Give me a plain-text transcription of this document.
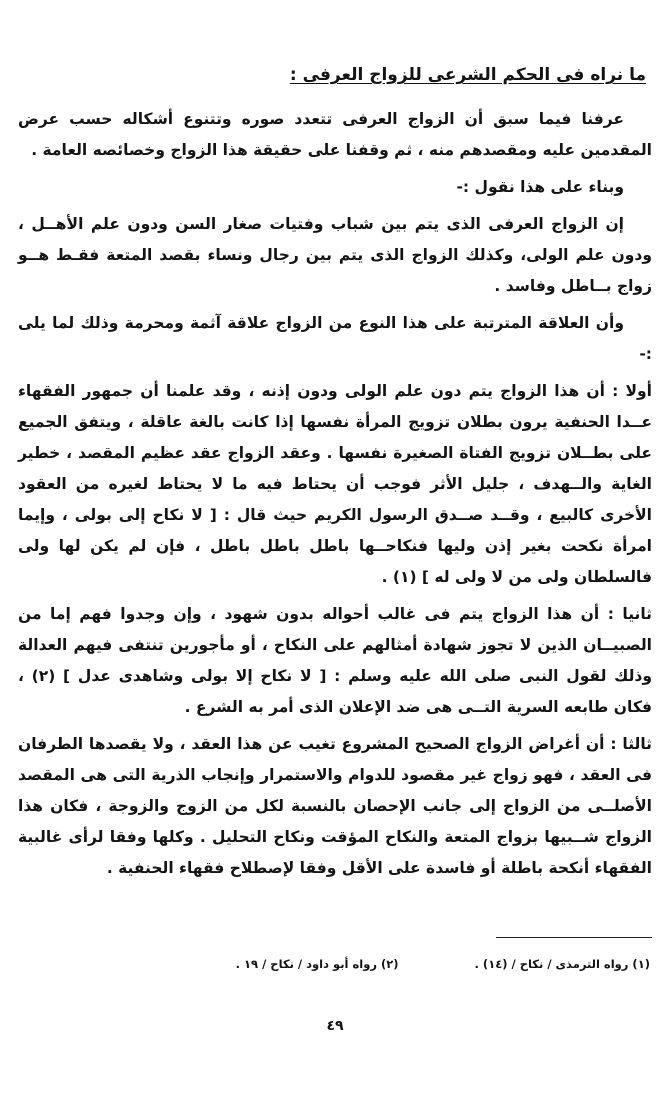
ما نراه فى الحكم الشرعى للزواج العرفى :

عرفنا فيما سبق أن الزواج العرفى تتعدد صوره وتتنوع أشكاله حسب عرض المقدمين عليه ومقصدهم منه ، ثم وقفنا على حقيقة هذا الزواج وخصائصه العامة .

وبناء على هذا نقول :-

إن الزواج العرفى الذى يتم بين شباب وفتيات صغار السن ودون علم الأهــل ، ودون علم الولى، وكذلك الزواج الذى يتم بين رجال ونساء بقصد المتعة فقـط هــو زواج بــاطل وفاسد .

وأن العلاقة المترتبة على هذا النوع من الزواج علاقة آثمة ومحرمة وذلك لما يلى :-

أولا : أن هذا الزواج يتم دون علم الولى ودون إذنه ، وقد علمنا أن جمهور الفقهاء عــدا الحنفية يرون بطلان تزويج المرأة نفسها إذا كانت بالغة عاقلة ، ويتفق الجميع على بطــلان تزويج الفتاة الصغيرة نفسها . وعقد الزواج عقد عظيم المقصد ، خطير الغاية والــهدف ، جليل الأثر فوجب أن يحتاط فيه ما لا يحتاط لغيره من العقود الأخرى كالبيع ، وقــد صــدق الرسول الكريم حيث قال : [ لا نكاح إلى بولى ، وإيما امرأة نكحت بغير إذن وليها فنكاحــها باطل باطل باطل ، فإن لم يكن لها ولى فالسلطان ولى من لا ولى له ] (١) .

ثانيا : أن هذا الزواج يتم فى غالب أحواله بدون شهود ، وإن وجدوا فهم إما من الصبيــان الذين لا تجوز شهادة أمثالهم على النكاح ، أو مأجورين تنتفى فيهم العدالة وذلك لقول النبى صلى الله عليه وسلم : [ لا نكاح إلا بولى وشاهدى عدل ] (٢) ، فكان طابعه السرية التــى هى ضد الإعلان الذى أمر به الشرع .

ثالثا : أن أغراض الزواج الصحيح المشروع تغيب عن هذا العقد ، ولا يقصدها الطرفان فى العقد ، فهو زواج غير مقصود للدوام والاستمرار وإنجاب الذرية التى هى المقصد الأصلــى من الزواج إلى جانب الإحصان بالنسبة لكل من الزوج والزوجة ، فكان هذا الزواج شــبيها بزواج المتعة والنكاح المؤقت ونكاح التحليل . وكلها وفقا لرأى غالبية الفقهاء أنكحة باطلة أو فاسدة على الأقل وفقا لإصطلاح فقهاء الحنفية .

(١) رواه الترمذى / نكاح / (١٤) .
(٢) رواه أبو داود / نكاح / ١٩ .
٤٩
